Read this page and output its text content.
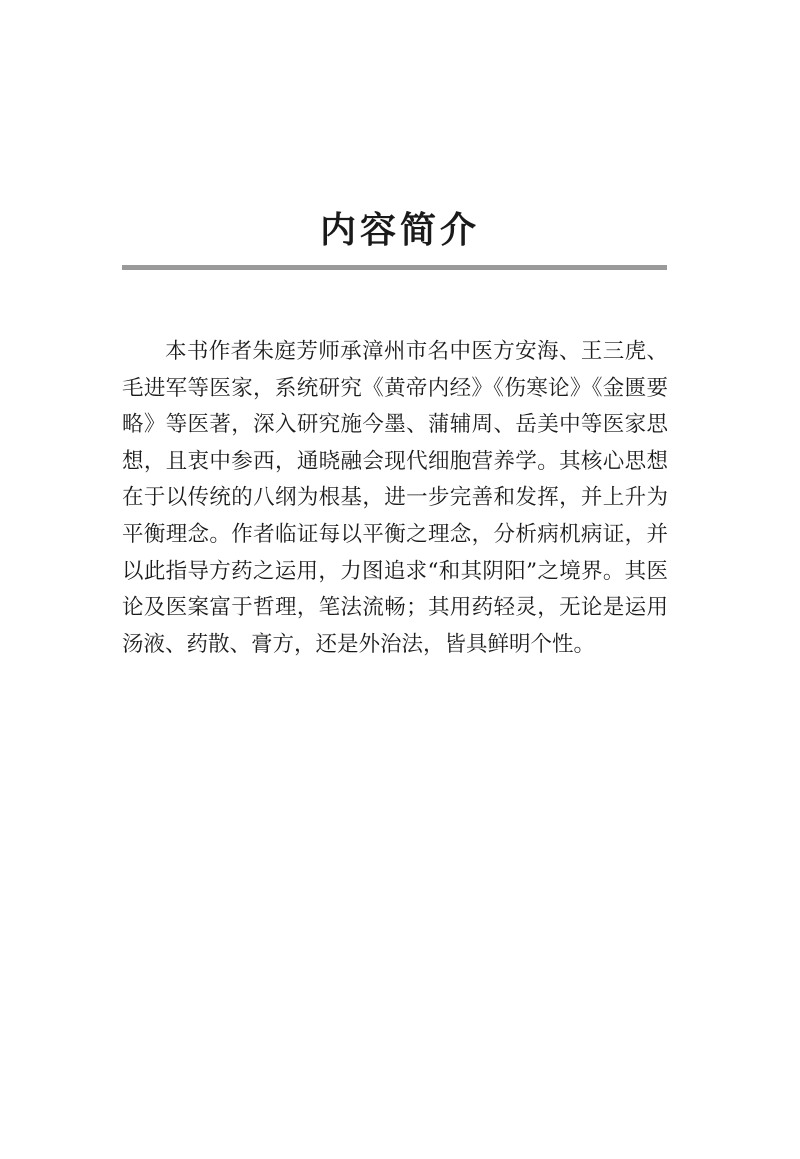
内容简介

本书作者朱庭芳师承漳州市名中医方安海、王三虎、毛进军等医家，系统研究《黄帝内经》《伤寒论》《金匮要略》等医著，深入研究施今墨、蒲辅周、岳美中等医家思想，且衷中参西，通晓融会现代细胞营养学。其核心思想在于以传统的八纲为根基，进一步完善和发挥，并上升为平衡理念。作者临证每以平衡之理念，分析病机病证，并以此指导方药之运用，力图追求“和其阴阳”之境界。其医论及医案富于哲理，笔法流畅；其用药轻灵，无论是运用汤液、药散、膏方，还是外治法，皆具鲜明个性。
